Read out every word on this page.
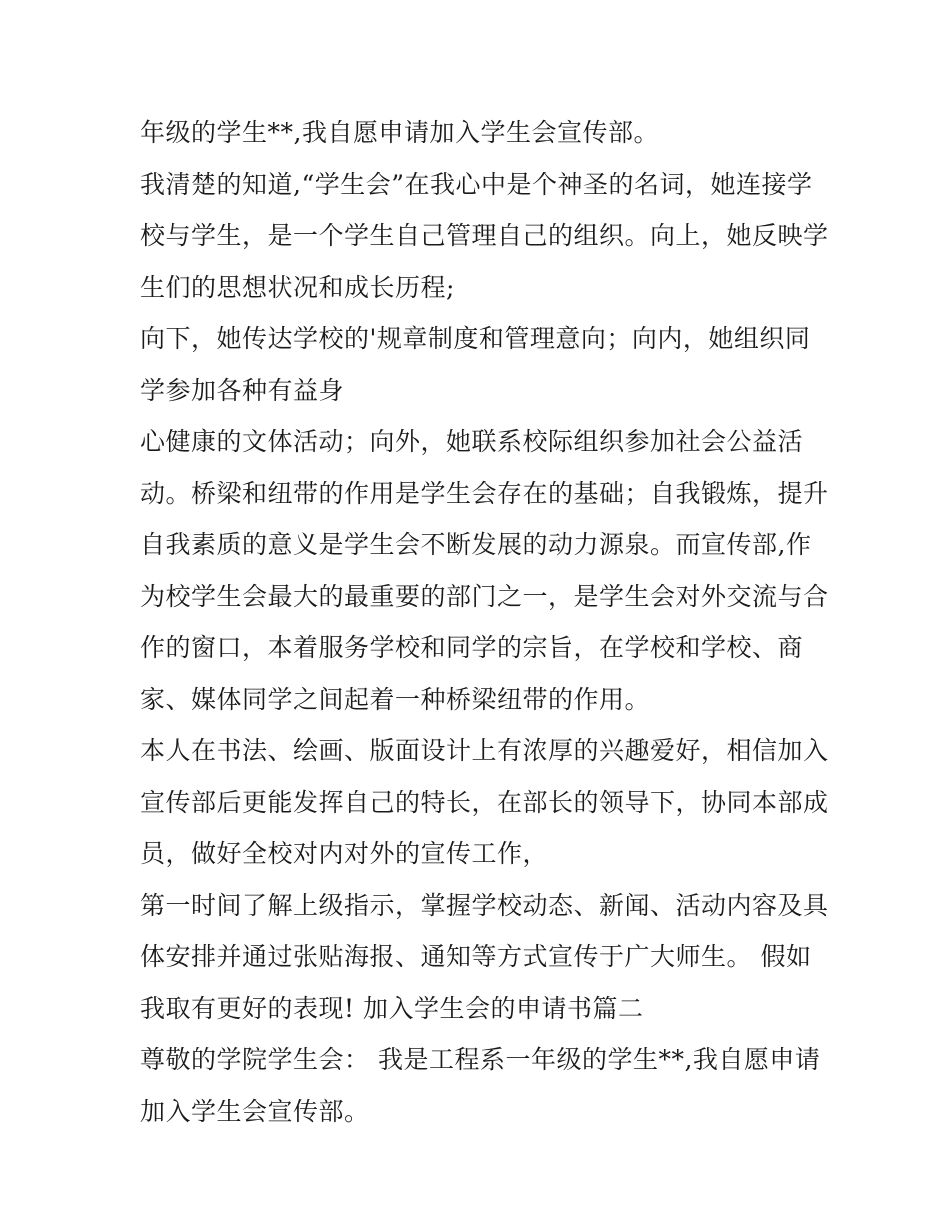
年级的学生**,我自愿申请加入学生会宣传部。
我清楚的知道,“学生会”在我心中是个神圣的名词，她连接学
校与学生，是一个学生自己管理自己的组织。向上，她反映学
生们的思想状况和成长历程;
向下，她传达学校的'规章制度和管理意向；向内，她组织同
学参加各种有益身
心健康的文体活动；向外，她联系校际组织参加社会公益活
动。桥梁和纽带的作用是学生会存在的基础；自我锻炼，提升
自我素质的意义是学生会不断发展的动力源泉。而宣传部,作
为校学生会最大的最重要的部门之一，是学生会对外交流与合
作的窗口，本着服务学校和同学的宗旨，在学校和学校、商
家、媒体同学之间起着一种桥梁纽带的作用。
本人在书法、绘画、版面设计上有浓厚的兴趣爱好，相信加入
宣传部后更能发挥自己的特长，在部长的领导下，协同本部成
员，做好全校对内对外的宣传工作，
第一时间了解上级指示，掌握学校动态、新闻、活动内容及具
体安排并通过张贴海报、通知等方式宣传于广大师生。 假如
我取有更好的表现! 加入学生会的申请书篇二
尊敬的学院学生会： 我是工程系一年级的学生**,我自愿申请
加入学生会宣传部。
